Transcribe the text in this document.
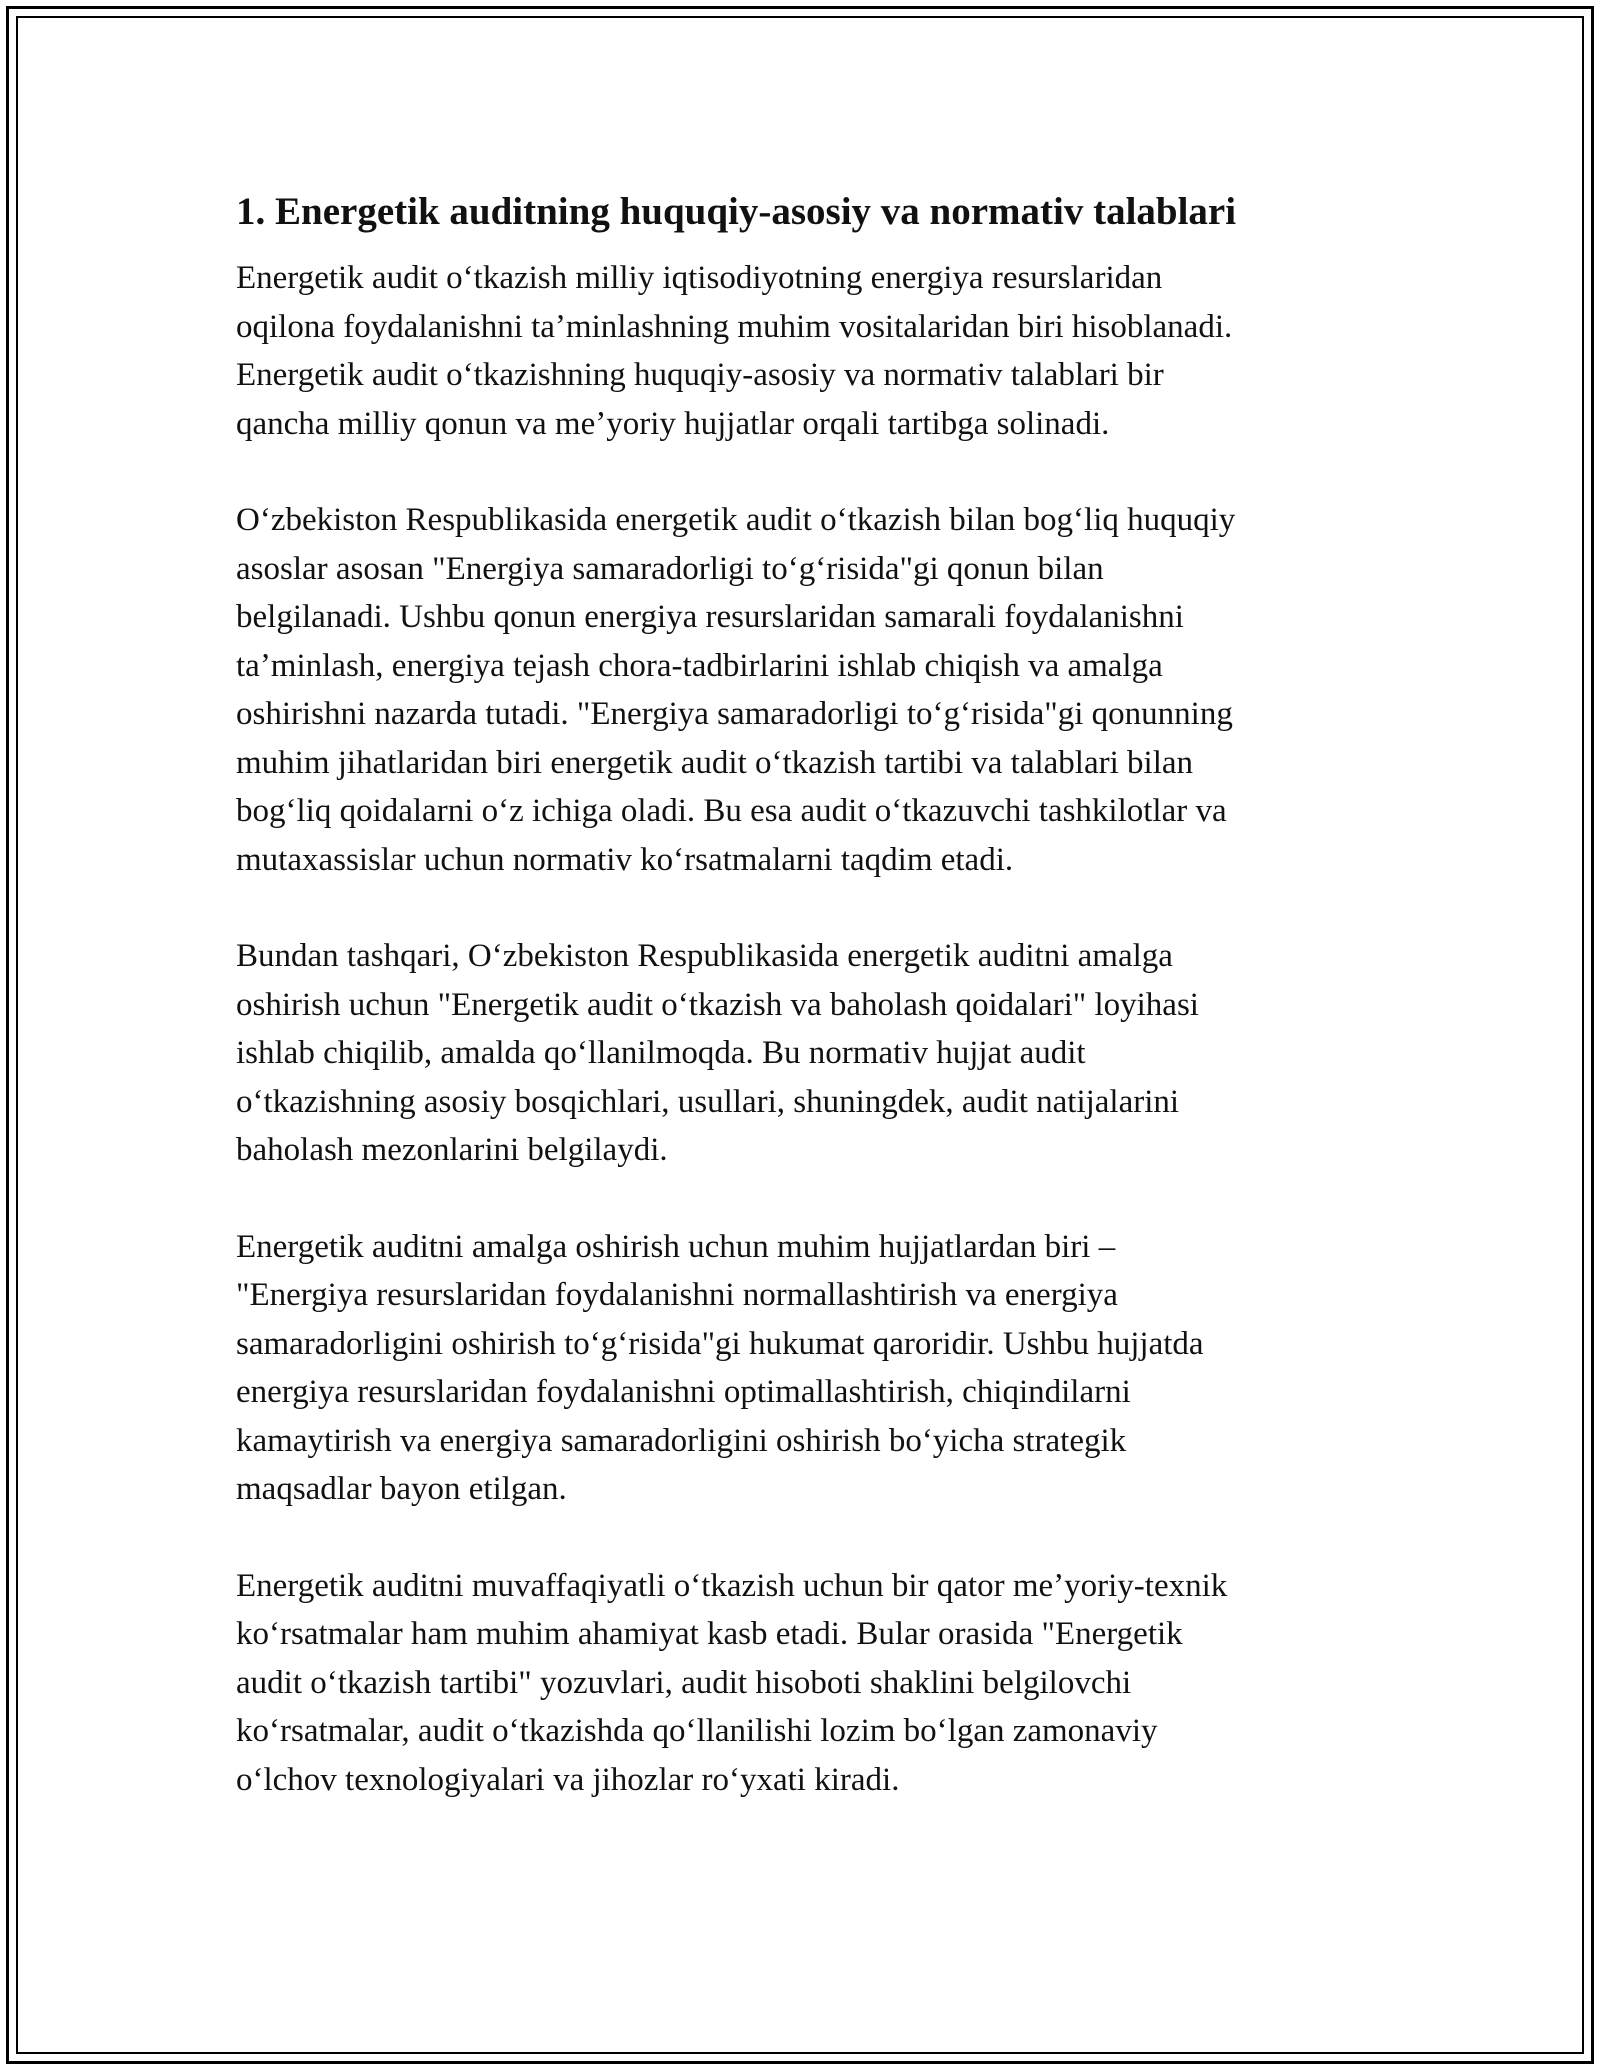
1. Energetik auditning huquqiy-asosiy va normativ talablari

Energetik audit oʻtkazish milliy iqtisodiyotning energiya resurslaridan
oqilona foydalanishni taʼminlashning muhim vositalaridan biri hisoblanadi.
Energetik audit oʻtkazishning huquqiy-asosiy va normativ talablari bir
qancha milliy qonun va meʼyoriy hujjatlar orqali tartibga solinadi.

Oʻzbekiston Respublikasida energetik audit oʻtkazish bilan bogʻliq huquqiy
asoslar asosan "Energiya samaradorligi toʻgʻrisida"gi qonun bilan
belgilanadi. Ushbu qonun energiya resurslaridan samarali foydalanishni
taʼminlash, energiya tejash chora-tadbirlarini ishlab chiqish va amalga
oshirishni nazarda tutadi. "Energiya samaradorligi toʻgʻrisida"gi qonunning
muhim jihatlaridan biri energetik audit oʻtkazish tartibi va talablari bilan
bogʻliq qoidalarni oʻz ichiga oladi. Bu esa audit oʻtkazuvchi tashkilotlar va
mutaxassislar uchun normativ koʻrsatmalarni taqdim etadi.

Bundan tashqari, Oʻzbekiston Respublikasida energetik auditni amalga
oshirish uchun "Energetik audit oʻtkazish va baholash qoidalari" loyihasi
ishlab chiqilib, amalda qoʻllanilmoqda. Bu normativ hujjat audit
oʻtkazishning asosiy bosqichlari, usullari, shuningdek, audit natijalarini
baholash mezonlarini belgilaydi.

Energetik auditni amalga oshirish uchun muhim hujjatlardan biri –
"Energiya resurslaridan foydalanishni normallashtirish va energiya
samaradorligini oshirish toʻgʻrisida"gi hukumat qaroridir. Ushbu hujjatda
energiya resurslaridan foydalanishni optimallashtirish, chiqindilarni
kamaytirish va energiya samaradorligini oshirish boʻyicha strategik
maqsadlar bayon etilgan.

Energetik auditni muvaffaqiyatli oʻtkazish uchun bir qator meʼyoriy-texnik
koʻrsatmalar ham muhim ahamiyat kasb etadi. Bular orasida "Energetik
audit oʻtkazish tartibi" yozuvlari, audit hisoboti shaklini belgilovchi
koʻrsatmalar, audit oʻtkazishda qoʻllanilishi lozim boʻlgan zamonaviy
oʻlchov texnologiyalari va jihozlar roʻyxati kiradi.
